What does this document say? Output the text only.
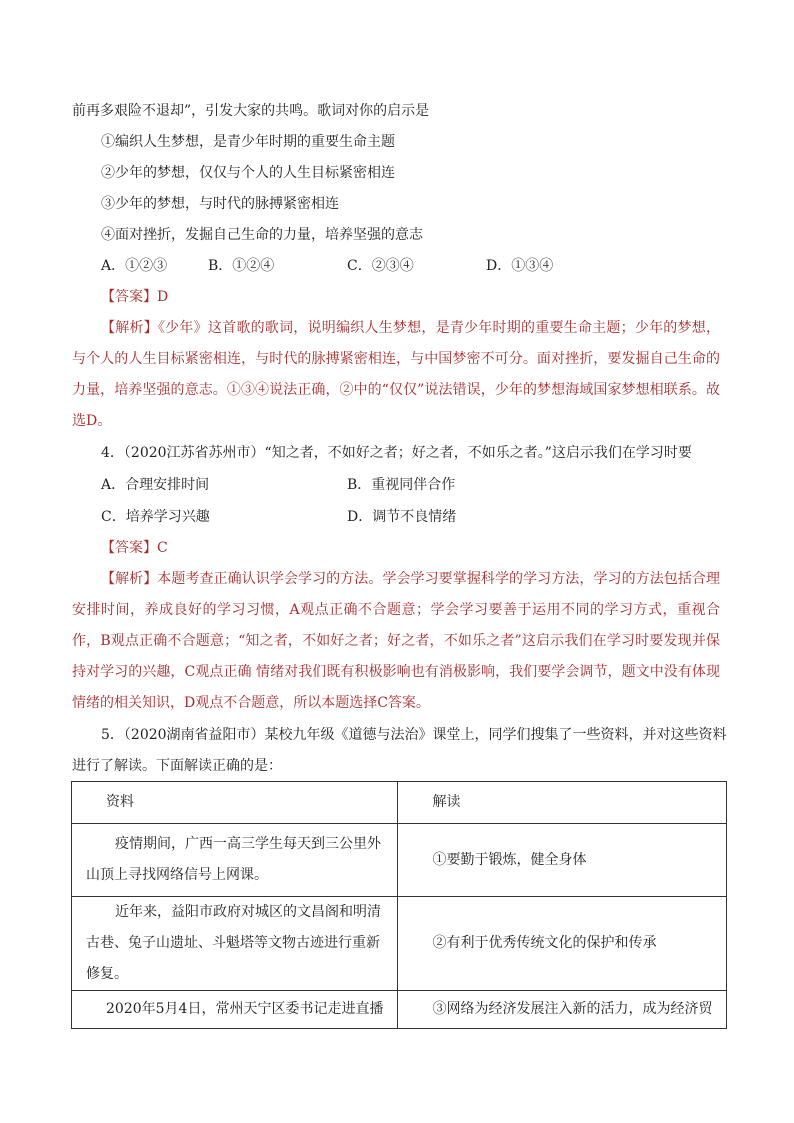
前再多艰险不退却”，引发大家的共鸣。歌词对你的启示是
①编织人生梦想，是青少年时期的重要生命主题
②少年的梦想，仅仅与个人的人生目标紧密相连
③少年的梦想，与时代的脉搏紧密相连
④面对挫折，发掘自己生命的力量，培养坚强的意志
A．①②③	B．①②④	C．②③④	D．①③④
【答案】D
【解析】《少年》这首歌的歌词，说明编织人生梦想，是青少年时期的重要生命主题；少年的梦想，与个人的人生目标紧密相连，与时代的脉搏紧密相连，与中国梦密不可分。面对挫折，要发掘自己生命的力量，培养坚强的意志。①③④说法正确，②中的“仅仅”说法错误，少年的梦想海域国家梦想相联系。故选D。
4．（2020江苏省苏州市）“知之者，不如好之者；好之者，不如乐之者。”这启示我们在学习时要
A．合理安排时间	B．重视同伴合作
C．培养学习兴趣	D．调节不良情绪
【答案】C
【解析】本题考查正确认识学会学习的方法。学会学习要掌握科学的学习方法，学习的方法包括合理安排时间，养成良好的学习习惯，A观点正确不合题意；学会学习要善于运用不同的学习方式，重视合作，B观点正确不合题意；“知之者，不如好之者；好之者，不如乐之者”这启示我们在学习时要发现并保持对学习的兴趣，C观点正确 情绪对我们既有积极影响也有消极影响，我们要学会调节，题文中没有体现情绪的相关知识，D观点不合题意，所以本题选择C答案。
5．（2020湖南省益阳市）某校九年级《道德与法治》课堂上，同学们搜集了一些资料，并对这些资料
进行了解读。下面解读正确的是：
资料	解读

疫情期间，广西一高三学生每天到三公里外山顶上寻找网络信号上网课。	①要勤于锻炼，健全身体

近年来，益阳市政府对城区的文昌阁和明清古巷、兔子山遗址、斗魁塔等文物古迹进行重新修复。	②有利于优秀传统文化的保护和传承

2020年5月4日，常州天宁区委书记走进直播	③网络为经济发展注入新的活力，成为经济贸
